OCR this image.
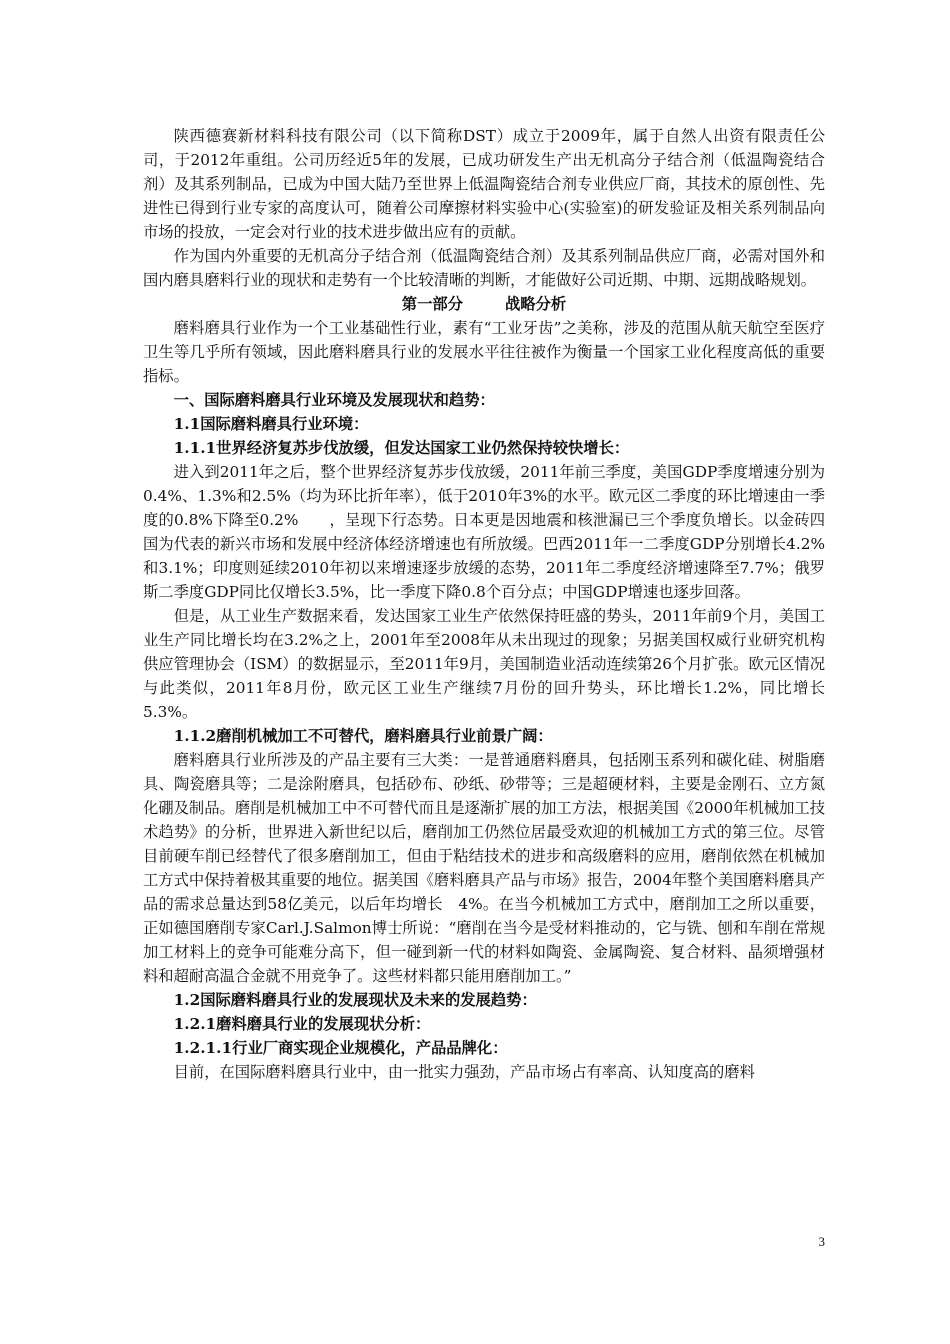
陕西德赛新材料科技有限公司（以下简称DST）成立于2009年，属于自然人出资有限责任公司，于2012年重组。公司历经近5年的发展，已成功研发生产出无机高分子结合剂（低温陶瓷结合剂）及其系列制品，已成为中国大陆乃至世界上低温陶瓷结合剂专业供应厂商，其技术的原创性、先进性已得到行业专家的高度认可，随着公司摩擦材料实验中心(实验室)的研发验证及相关系列制品向市场的投放，一定会对行业的技术进步做出应有的贡献。

作为国内外重要的无机高分子结合剂（低温陶瓷结合剂）及其系列制品供应厂商，必需对国外和国内磨具磨料行业的现状和走势有一个比较清晰的判断，才能做好公司近期、中期、远期战略规划。

第一部分	战略分析

磨料磨具行业作为一个工业基础性行业，素有“工业牙齿”之美称，涉及的范围从航天航空至医疗卫生等几乎所有领域，因此磨料磨具行业的发展水平往往被作为衡量一个国家工业化程度高低的重要指标。

一、国际磨料磨具行业环境及发展现状和趋势：

1.1国际磨料磨具行业环境：

1.1.1世界经济复苏步伐放缓，但发达国家工业仍然保持较快增长：

进入到2011年之后，整个世界经济复苏步伐放缓，2011年前三季度，美国GDP季度增速分别为0.4%、1.3%和2.5%（均为环比折年率），低于2010年3%的水平。欧元区二季度的环比增速由一季度的0.8%下降至0.2%　　，呈现下行态势。日本更是因地震和核泄漏已三个季度负增长。以金砖四国为代表的新兴市场和发展中经济体经济增速也有所放缓。巴西2011年一二季度GDP分别增长4.2%和3.1%；印度则延续2010年初以来增速逐步放缓的态势，2011年二季度经济增速降至7.7%；俄罗斯二季度GDP同比仅增长3.5%，比一季度下降0.8个百分点；中国GDP增速也逐步回落。

但是，从工业生产数据来看，发达国家工业生产依然保持旺盛的势头，2011年前9个月，美国工业生产同比增长均在3.2%之上，2001年至2008年从未出现过的现象；另据美国权威行业研究机构供应管理协会（ISM）的数据显示，至2011年9月，美国制造业活动连续第26个月扩张。欧元区情况与此类似，2011年8月份，欧元区工业生产继续7月份的回升势头，环比增长1.2%，同比增长5.3%。

1.1.2磨削机械加工不可替代，磨料磨具行业前景广阔：

磨料磨具行业所涉及的产品主要有三大类：一是普通磨料磨具，包括刚玉系列和碳化硅、树脂磨具、陶瓷磨具等；二是涂附磨具，包括砂布、砂纸、砂带等；三是超硬材料，主要是金刚石、立方氮化硼及制品。磨削是机械加工中不可替代而且是逐渐扩展的加工方法，根据美国《2000年机械加工技术趋势》的分析，世界进入新世纪以后，磨削加工仍然位居最受欢迎的机械加工方式的第三位。尽管目前硬车削已经替代了很多磨削加工，但由于粘结技术的进步和高级磨料的应用，磨削依然在机械加工方式中保持着极其重要的地位。据美国《磨料磨具产品与市场》报告，2004年整个美国磨料磨具产品的需求总量达到58亿美元，以后年均增长　4%。在当今机械加工方式中，磨削加工之所以重要，正如德国磨削专家Carl.J.Salmon博士所说：“磨削在当今是受材料推动的，它与铣、刨和车削在常规加工材料上的竞争可能难分高下，但一碰到新一代的材料如陶瓷、金属陶瓷、复合材料、晶须增强材料和超耐高温合金就不用竞争了。这些材料都只能用磨削加工。”

1.2国际磨料磨具行业的发展现状及未来的发展趋势：

1.2.1磨料磨具行业的发展现状分析：

1.2.1.1行业厂商实现企业规模化，产品品牌化：

目前，在国际磨料磨具行业中，由一批实力强劲，产品市场占有率高、认知度高的磨料

3
